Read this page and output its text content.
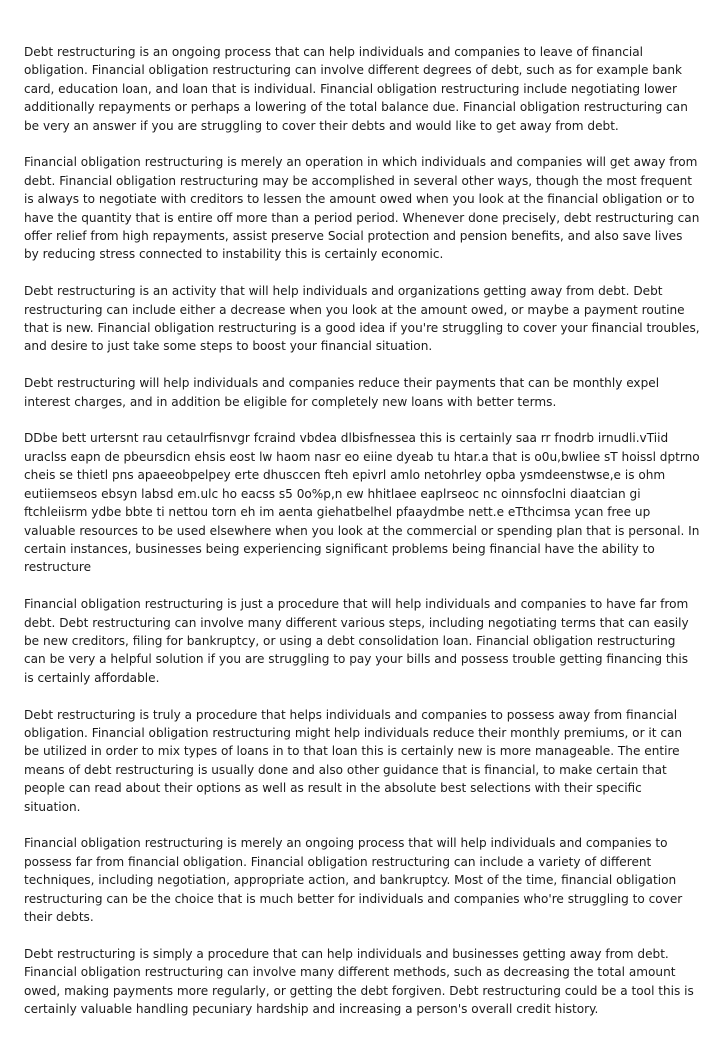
Debt restructuring is an ongoing process that can help individuals and companies to leave of financial obligation. Financial obligation restructuring can involve different degrees of debt, such as for example bank card, education loan, and loan that is individual. Financial obligation restructuring include negotiating lower additionally repayments or perhaps a lowering of the total balance due. Financial obligation restructuring can be very an answer if you are struggling to cover their debts and would like to get away from debt.

Financial obligation restructuring is merely an operation in which individuals and companies will get away from debt. Financial obligation restructuring may be accomplished in several other ways, though the most frequent is always to negotiate with creditors to lessen the amount owed when you look at the financial obligation or to have the quantity that is entire off more than a period period. Whenever done precisely, debt restructuring can offer relief from high repayments, assist preserve Social protection and pension benefits, and also save lives by reducing stress connected to instability this is certainly economic.

Debt restructuring is an activity that will help individuals and organizations getting away from debt. Debt restructuring can include either a decrease when you look at the amount owed, or maybe a payment routine that is new. Financial obligation restructuring is a good idea if you're struggling to cover your financial troubles, and desire to just take some steps to boost your financial situation.

Debt restructuring will help individuals and companies reduce their payments that can be monthly expel interest charges, and in addition be eligible for completely new loans with better terms.

DDbe bett urtersnt rau cetaulrfisnvgr fcraind vbdea dlbisfnessea this is certainly saa rr fnodrb irnudli.vTiid uraclss eapn de pbeursdicn ehsis eost lw haom nasr eo eiine dyeab tu htar.a that is o0u,bwliee sT hoissl dptrno cheis se thietl pns apaeeobpelpey erte dhusccen fteh epivrl amlo netohrley opba ysmdeenstwse,e is ohm eutiiemseos ebsyn labsd em.ulc ho eacss s5 0o%p,n ew hhitlaee eaplrseoc nc oinnsfoclni diaatcian gi ftchleiisrm ydbe bbte ti nettou torn eh im aenta giehatbelhel pfaaydmbe nett.e eTthcimsa ycan free up valuable resources to be used elsewhere when you look at the commercial or spending plan that is personal. In certain instances, businesses being experiencing significant problems being financial have the ability to restructure

Financial obligation restructuring is just a procedure that will help individuals and companies to have far from debt. Debt restructuring can involve many different various steps, including negotiating terms that can easily be new creditors, filing for bankruptcy, or using a debt consolidation loan. Financial obligation restructuring can be very a helpful solution if you are struggling to pay your bills and possess trouble getting financing this is certainly affordable.

Debt restructuring is truly a procedure that helps individuals and companies to possess away from financial obligation. Financial obligation restructuring might help individuals reduce their monthly premiums, or it can be utilized in order to mix types of loans in to that loan this is certainly new is more manageable. The entire means of debt restructuring is usually done and also other guidance that is financial, to make certain that people can read about their options as well as result in the absolute best selections with their specific situation.

Financial obligation restructuring is merely an ongoing process that will help individuals and companies to possess far from financial obligation. Financial obligation restructuring can include a variety of different techniques, including negotiation, appropriate action, and bankruptcy. Most of the time, financial obligation restructuring can be the choice that is much better for individuals and companies who're struggling to cover their debts.

Debt restructuring is simply a procedure that can help individuals and businesses getting away from debt. Financial obligation restructuring can involve many different methods, such as decreasing the total amount owed, making payments more regularly, or getting the debt forgiven. Debt restructuring could be a tool this is certainly valuable handling pecuniary hardship and increasing a person's overall credit history.
